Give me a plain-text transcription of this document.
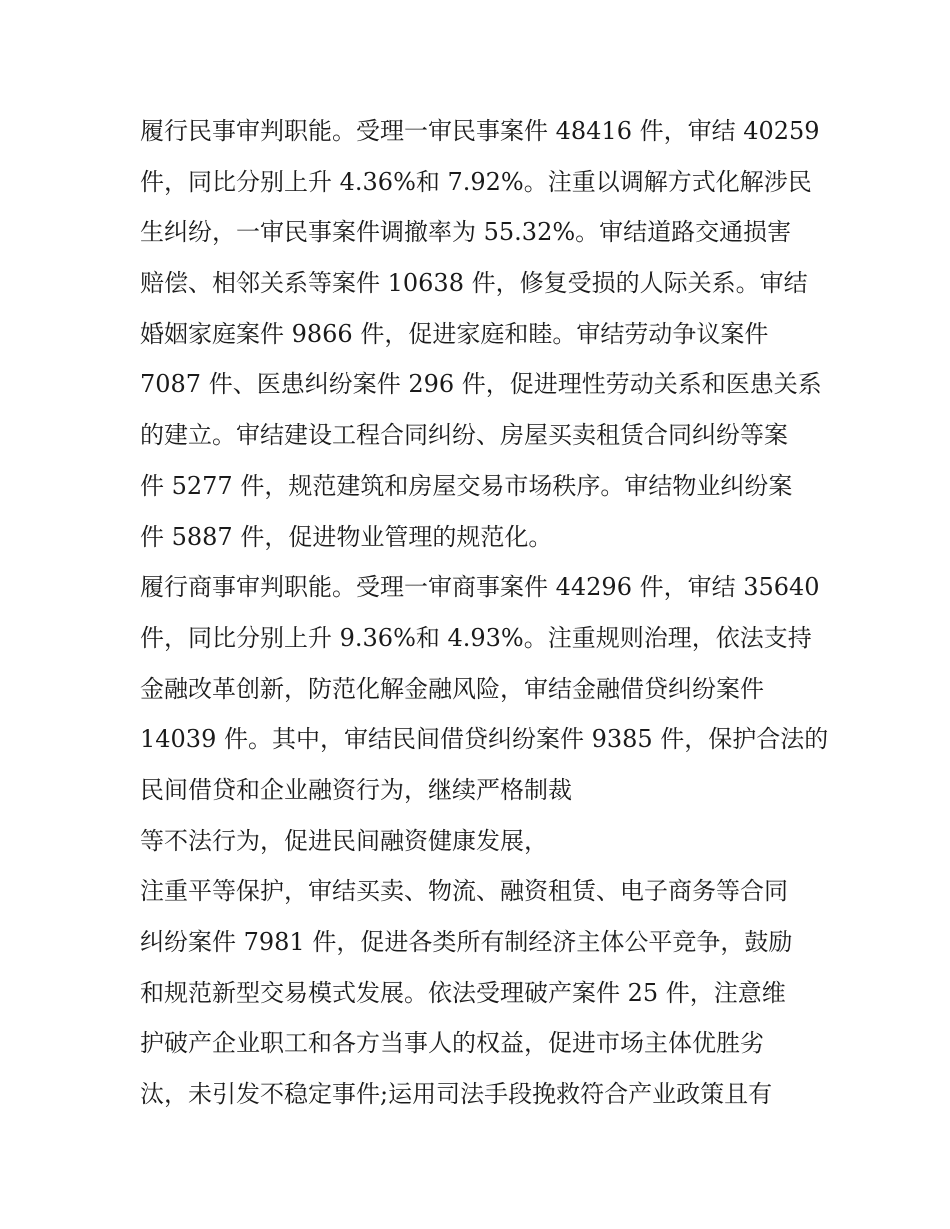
履行民事审判职能。受理一审民事案件 48416 件，审结 40259
件，同比分别上升 4.36%和 7.92%。注重以调解方式化解涉民
生纠纷，一审民事案件调撤率为 55.32%。审结道路交通损害
赔偿、相邻关系等案件 10638 件，修复受损的人际关系。审结
婚姻家庭案件 9866 件，促进家庭和睦。审结劳动争议案件
7087 件、医患纠纷案件 296 件，促进理性劳动关系和医患关系
的建立。审结建设工程合同纠纷、房屋买卖租赁合同纠纷等案
件 5277 件，规范建筑和房屋交易市场秩序。审结物业纠纷案
件 5887 件，促进物业管理的规范化。
履行商事审判职能。受理一审商事案件 44296 件，审结 35640
件，同比分别上升 9.36%和 4.93%。注重规则治理，依法支持
金融改革创新，防范化解金融风险，审结金融借贷纠纷案件
14039 件。其中，审结民间借贷纠纷案件 9385 件，保护合法的
民间借贷和企业融资行为，继续严格制裁
等不法行为，促进民间融资健康发展，
注重平等保护，审结买卖、物流、融资租赁、电子商务等合同
纠纷案件 7981 件，促进各类所有制经济主体公平竞争，鼓励
和规范新型交易模式发展。依法受理破产案件 25 件，注意维
护破产企业职工和各方当事人的权益，促进市场主体优胜劣
汰，未引发不稳定事件;运用司法手段挽救符合产业政策且有
